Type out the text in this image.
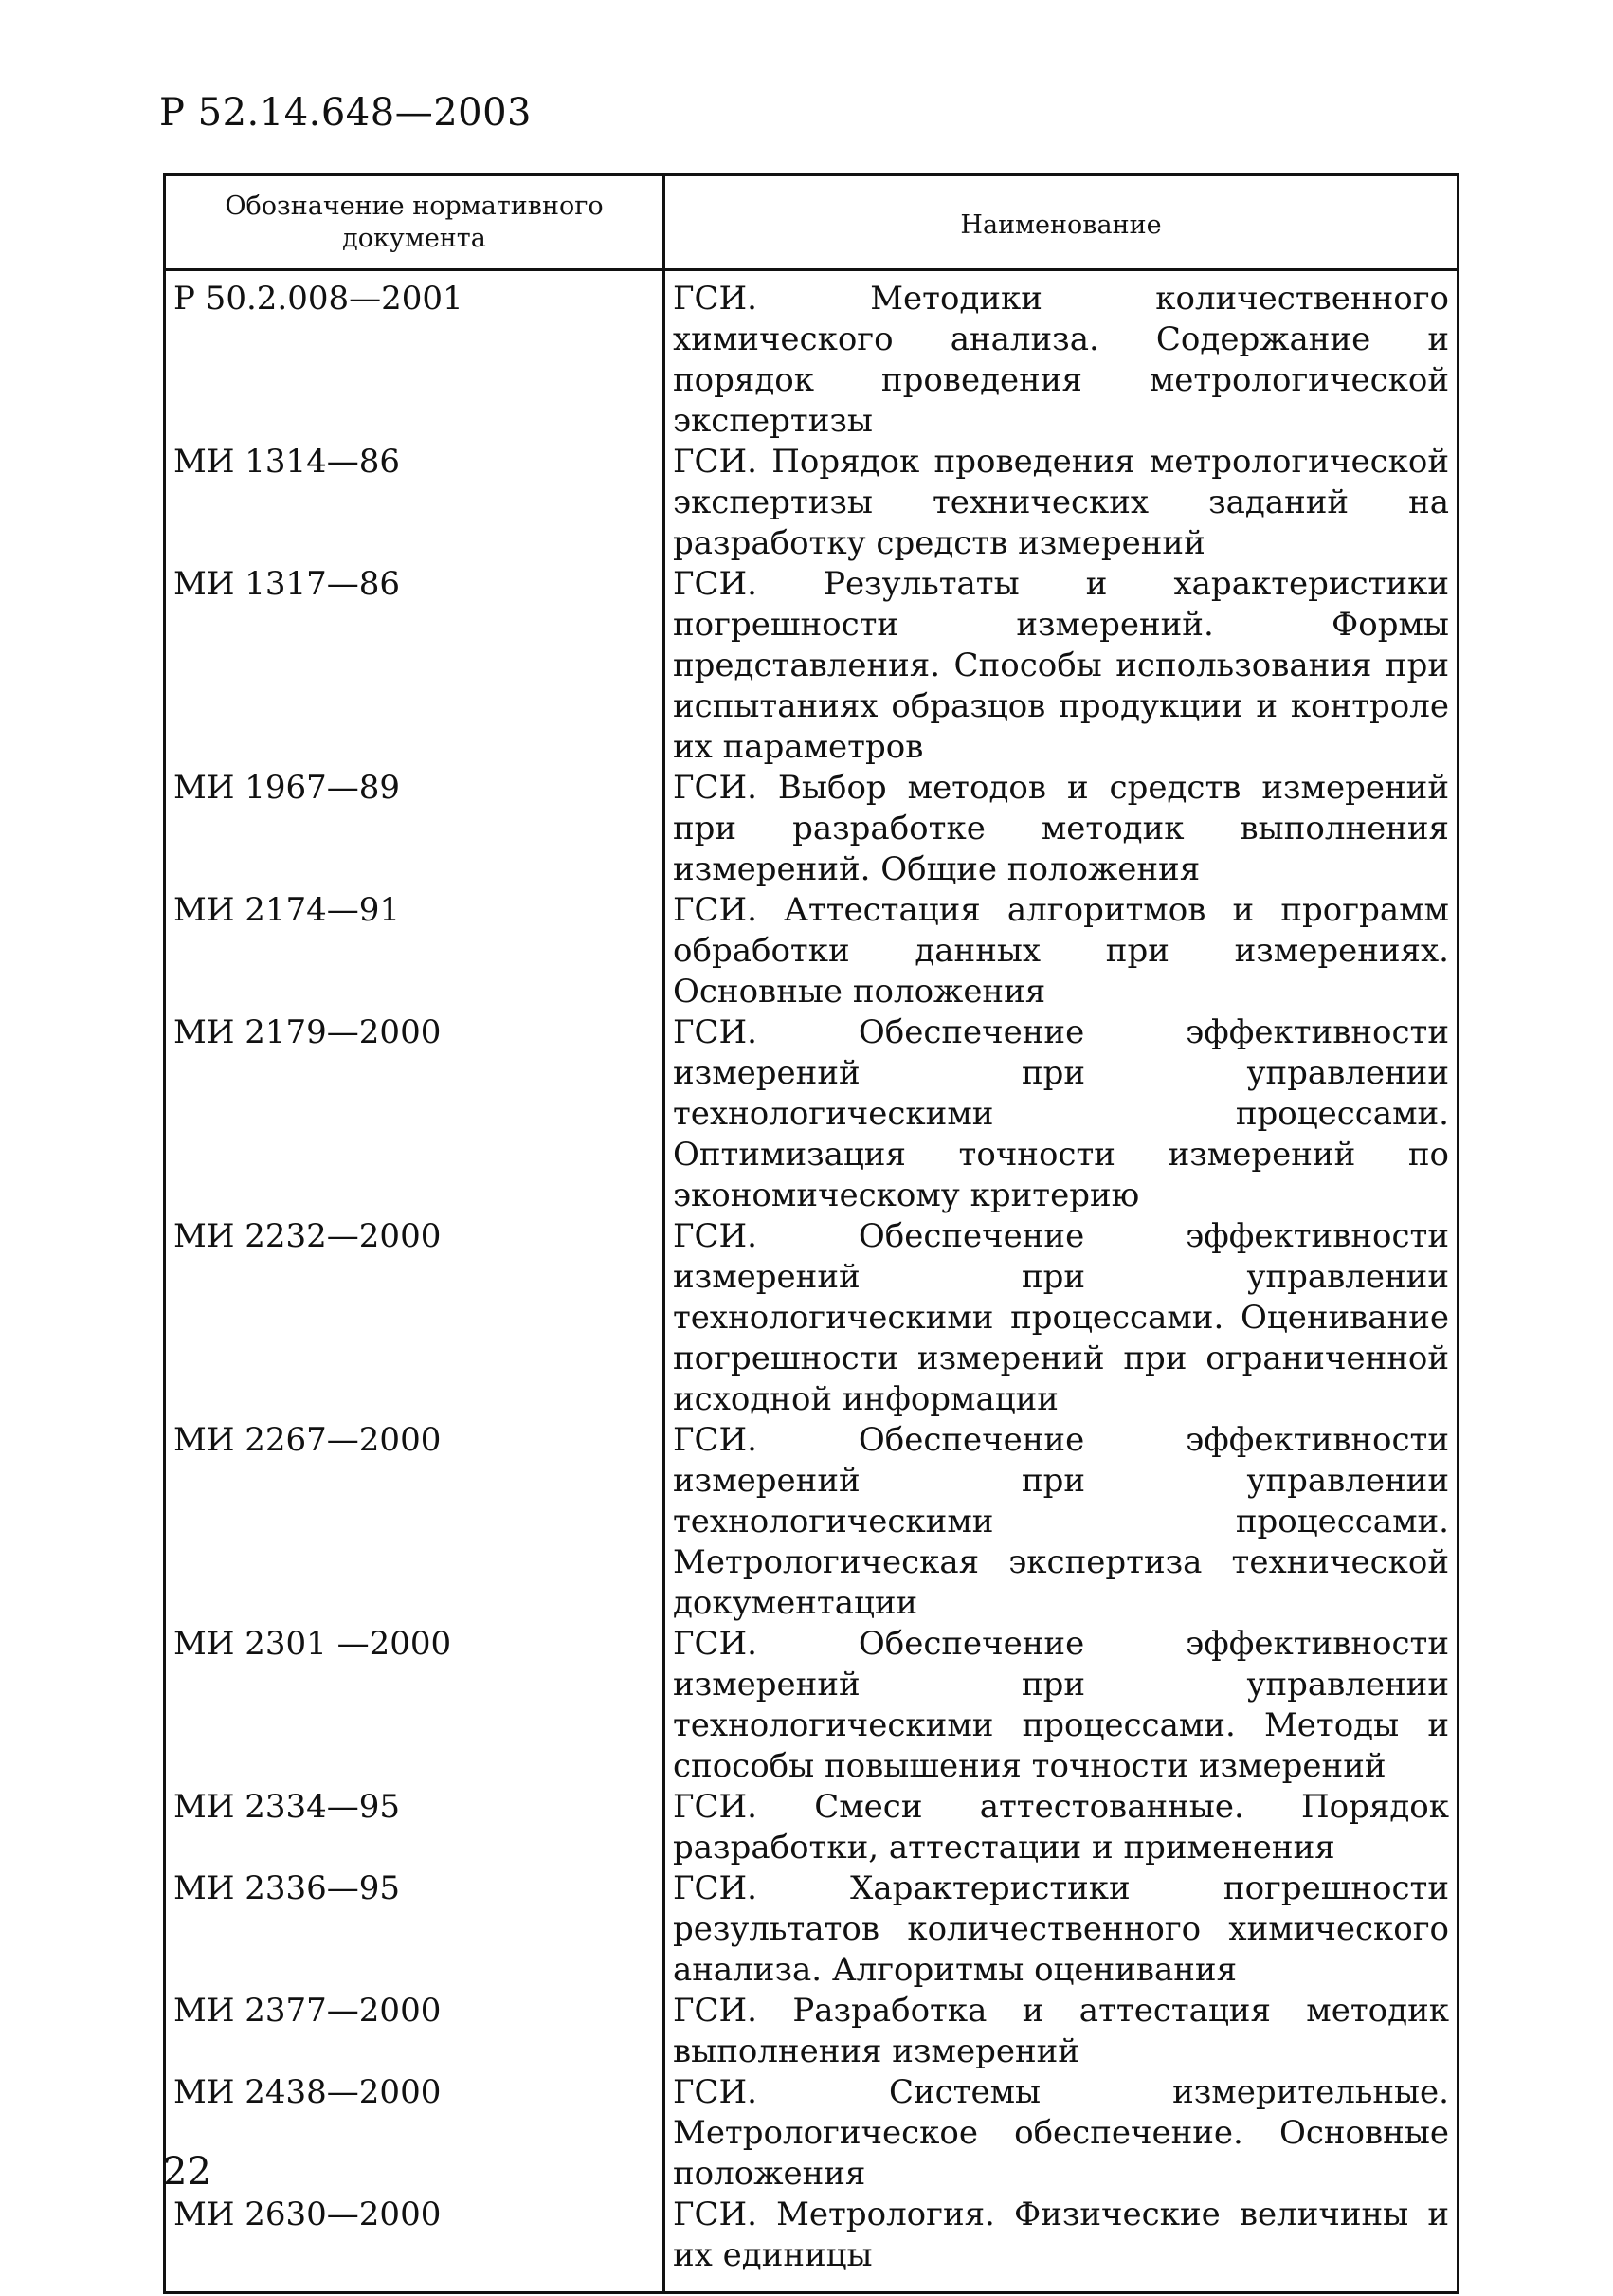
Р 52.14.648—2003
Обозначение нормативного документа	Наименование
Р 50.2.008—2001	ГСИ. Методики количественного химического анализа. Содержание и порядок проведения метрологической экспертизы
МИ 1314—86	ГСИ. Порядок проведения метрологической экспертизы технических заданий на разработку средств измерений
МИ 1317—86	ГСИ. Результаты и характеристики погрешности измерений. Формы представления. Способы использования при испытаниях образцов продукции и контроле их параметров
МИ 1967—89	ГСИ. Выбор методов и средств измерений при разработке методик выполнения измерений. Общие положения
МИ 2174—91	ГСИ. Аттестация алгоритмов и программ обработки данных при измерениях. Основные положения
МИ 2179—2000	ГСИ. Обеспечение эффективности измерений при управлении технологическими процессами. Оптимизация точности измерений по экономическому критерию
МИ 2232—2000	ГСИ. Обеспечение эффективности измерений при управлении технологическими процессами. Оценивание погрешности измерений при ограниченной исходной информации
МИ 2267—2000	ГСИ. Обеспечение эффективности измерений при управлении технологическими процессами. Метрологическая экспертиза технической документации
МИ 2301 —2000	ГСИ. Обеспечение эффективности измерений при управлении технологическими процессами. Методы и способы повышения точности измерений
МИ 2334—95	ГСИ. Смеси аттестованные. Порядок разработки, аттестации и применения
МИ 2336—95	ГСИ. Характеристики погрешности результатов количественного химического анализа. Алгоритмы оценивания
МИ 2377—2000	ГСИ. Разработка и аттестация методик выполнения измерений
МИ 2438—2000	ГСИ. Системы измерительные. Метрологическое обеспечение. Основные положения
МИ 2630—2000	ГСИ. Метрология. Физические величины и их единицы
22
